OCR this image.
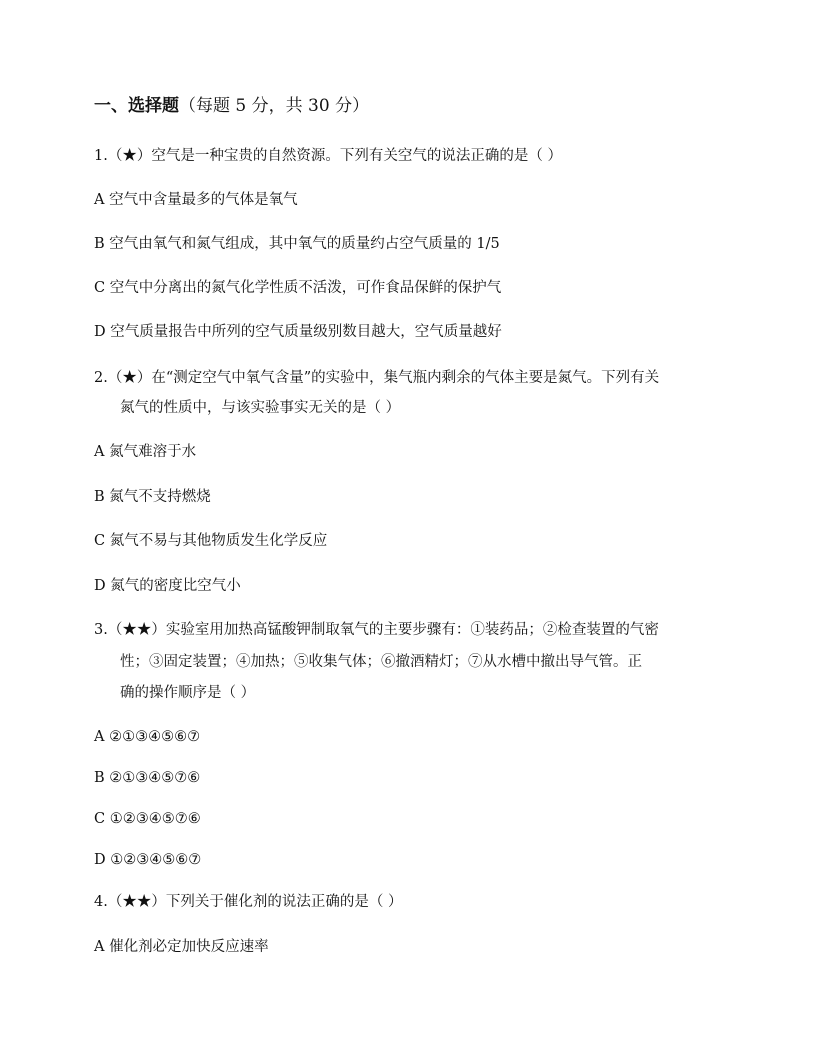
一、选择题（每题 5 分，共 30 分）
1.（★）空气是一种宝贵的自然资源。下列有关空气的说法正确的是（ ）
A 空气中含量最多的气体是氧气
B 空气由氧气和氮气组成，其中氧气的质量约占空气质量的 1/5
C 空气中分离出的氮气化学性质不活泼，可作食品保鲜的保护气
D 空气质量报告中所列的空气质量级别数目越大，空气质量越好
2.（★）在“测定空气中氧气含量”的实验中，集气瓶内剩余的气体主要是氮气。下列有关
氮气的性质中，与该实验事实无关的是（ ）
A 氮气难溶于水
B 氮气不支持燃烧
C 氮气不易与其他物质发生化学反应
D 氮气的密度比空气小
3.（★★）实验室用加热高锰酸钾制取氧气的主要步骤有：①装药品；②检查装置的气密
性；③固定装置；④加热；⑤收集气体；⑥撤酒精灯；⑦从水槽中撤出导气管。正
确的操作顺序是（ ）
A ②①③④⑤⑥⑦
B ②①③④⑤⑦⑥
C ①②③④⑤⑦⑥
D ①②③④⑤⑥⑦
4.（★★）下列关于催化剂的说法正确的是（ ）
A 催化剂必定加快反应速率
